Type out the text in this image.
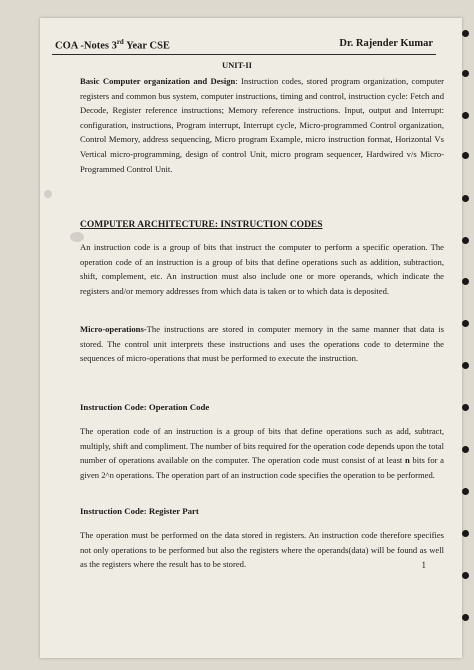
COA -Notes 3rd Year CSE	Dr. Rajender Kumar
UNIT-II
Basic Computer organization and Design: Instruction codes, stored program organization, computer registers and common bus system, computer instructions, timing and control, instruction cycle: Fetch and Decode, Register reference instructions; Memory reference instructions. Input, output and Interrupt: configuration, instructions, Program interrupt, Interrupt cycle, Micro-programmed Control organization, Control Memory, address sequencing, Micro program Example, micro instruction format, Horizontal Vs Vertical micro-programming, design of control Unit, micro program sequencer, Hardwired v/s Micro-Programmed Control Unit.
COMPUTER ARCHITECTURE: INSTRUCTION CODES
An instruction code is a group of bits that instruct the computer to perform a specific operation. The operation code of an instruction is a group of bits that define operations such as addition, subtraction, shift, complement, etc. An instruction must also include one or more operands, which indicate the registers and/or memory addresses from which data is taken or to which data is deposited.
Micro-operations-The instructions are stored in computer memory in the same manner that data is stored. The control unit interprets these instructions and uses the operations code to determine the sequences of micro-operations that must be performed to execute the instruction.
Instruction Code: Operation Code
The operation code of an instruction is a group of bits that define operations such as add, subtract, multiply, shift and compliment. The number of bits required for the operation code depends upon the total number of operations available on the computer. The operation code must consist of at least n bits for a given 2^n operations. The operation part of an instruction code specifies the operation to be performed.
Instruction Code: Register Part
The operation must be performed on the data stored in registers. An instruction code therefore specifies not only operations to be performed but also the registers where the operands(data) will be found as well as the registers where the result has to be stored.	1
